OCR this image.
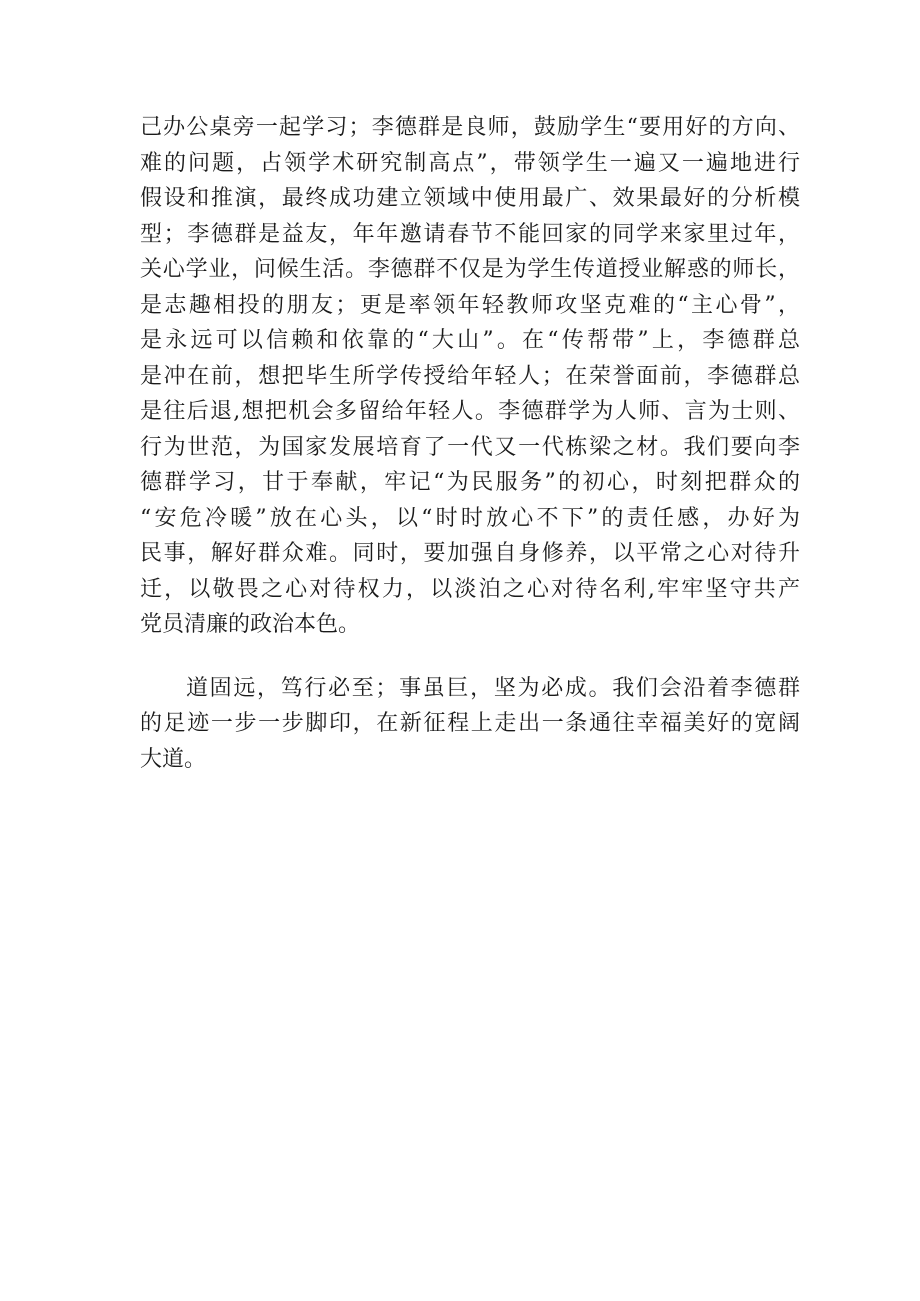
己办公桌旁一起学习；李德群是良师，鼓励学生“要用好的方向、
难的问题，占领学术研究制高点”，带领学生一遍又一遍地进行
假设和推演，最终成功建立领域中使用最广、效果最好的分析模
型；李德群是益友，年年邀请春节不能回家的同学来家里过年，
关心学业，问候生活。李德群不仅是为学生传道授业解惑的师长，
是志趣相投的朋友；更是率领年轻教师攻坚克难的“主心骨”，
是永远可以信赖和依靠的“大山”。在“传帮带”上，李德群总
是冲在前，想把毕生所学传授给年轻人；在荣誉面前，李德群总
是往后退,想把机会多留给年轻人。李德群学为人师、言为士则、
行为世范，为国家发展培育了一代又一代栋梁之材。我们要向李
德群学习，甘于奉献，牢记“为民服务”的初心，时刻把群众的
“安危冷暖”放在心头，以“时时放心不下”的责任感，办好为
民事，解好群众难。同时，要加强自身修养，以平常之心对待升
迁，以敬畏之心对待权力，以淡泊之心对待名利,牢牢坚守共产
党员清廉的政治本色。
道固远，笃行必至；事虽巨，坚为必成。我们会沿着李德群
的足迹一步一步脚印，在新征程上走出一条通往幸福美好的宽阔
大道。
